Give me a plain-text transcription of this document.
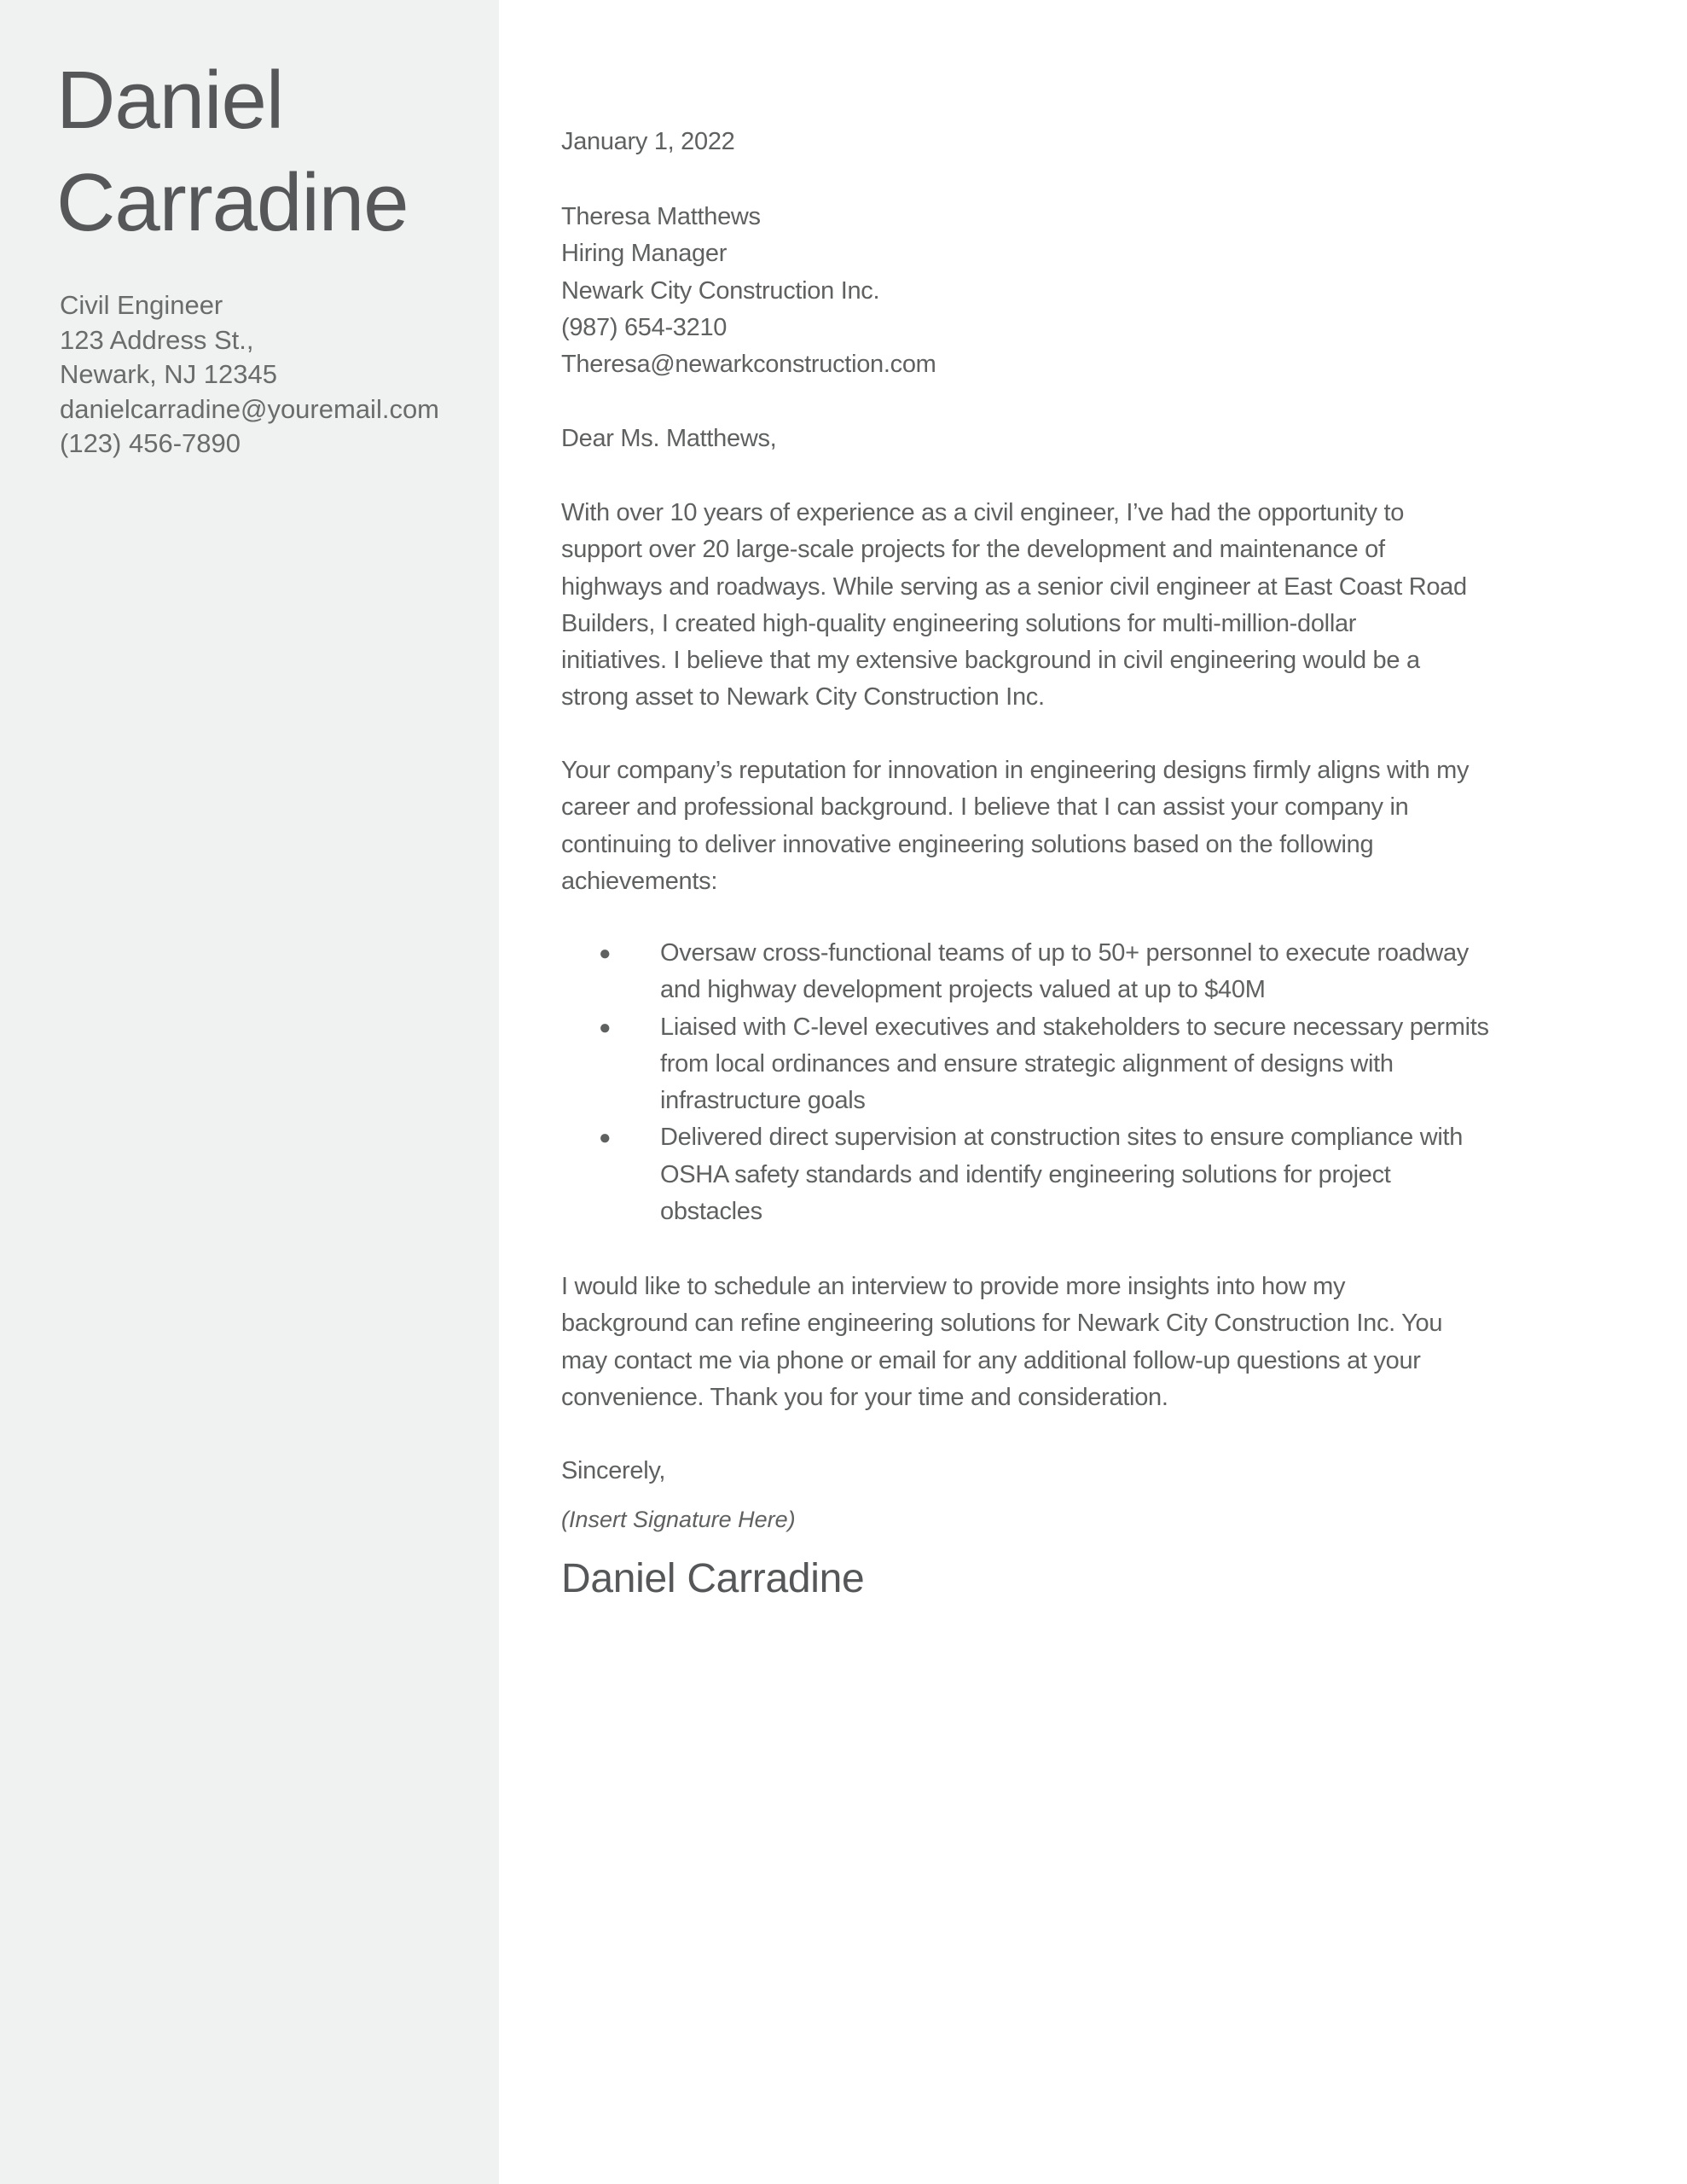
Daniel
Carradine
Civil Engineer
123 Address St.,
Newark, NJ 12345
danielcarradine@youremail.com
(123) 456-7890
January 1, 2022
Theresa Matthews
Hiring Manager
Newark City Construction Inc.
(987) 654-3210
Theresa@newarkconstruction.com
Dear Ms. Matthews,
With over 10 years of experience as a civil engineer, I’ve had the opportunity to
support over 20 large-scale projects for the development and maintenance of
highways and roadways. While serving as a senior civil engineer at East Coast Road
Builders, I created high-quality engineering solutions for multi-million-dollar
initiatives. I believe that my extensive background in civil engineering would be a
strong asset to Newark City Construction Inc.
Your company’s reputation for innovation in engineering designs firmly aligns with my
career and professional background. I believe that I can assist your company in
continuing to deliver innovative engineering solutions based on the following
achievements:
● Oversaw cross-functional teams of up to 50+ personnel to execute roadway
and highway development projects valued at up to $40M
● Liaised with C-level executives and stakeholders to secure necessary permits
from local ordinances and ensure strategic alignment of designs with
infrastructure goals
● Delivered direct supervision at construction sites to ensure compliance with
OSHA safety standards and identify engineering solutions for project
obstacles
I would like to schedule an interview to provide more insights into how my
background can refine engineering solutions for Newark City Construction Inc. You
may contact me via phone or email for any additional follow-up questions at your
convenience. Thank you for your time and consideration.
Sincerely,
(Insert Signature Here)
Daniel Carradine
